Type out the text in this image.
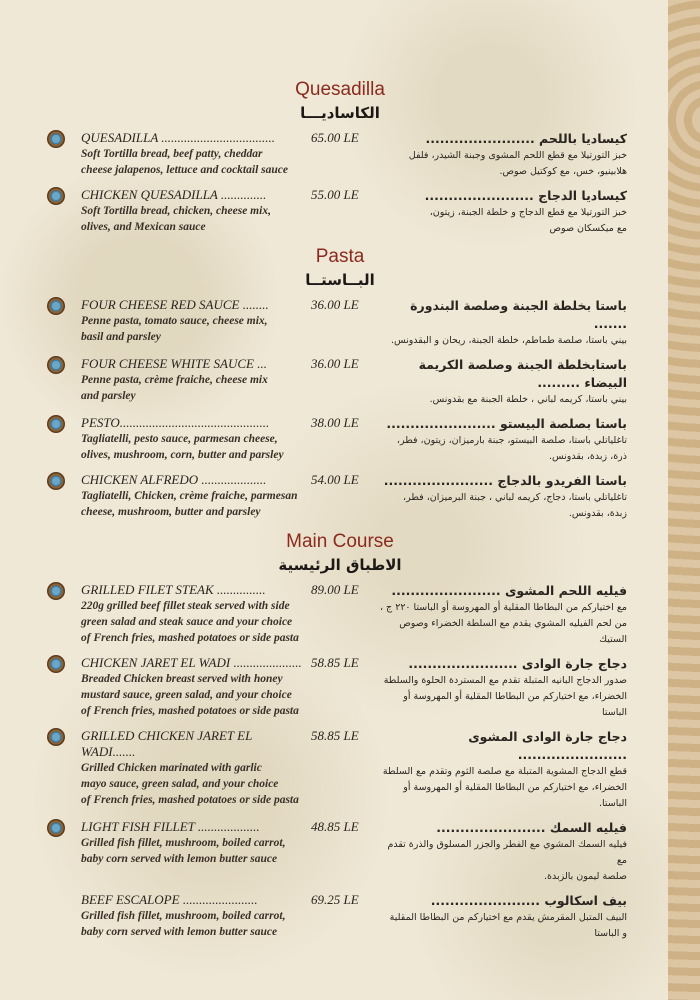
Quesadilla
الكاساديـــا
QUESADILLA ...................................
Soft Tortilla bread, beef patty, cheddar
cheese jalapenos, lettuce and cocktail sauce
65.00 LE	كيساديا باللحم .......................
خبز التورتيلا مع قطع اللحم المشوى وجبنة الشيدر، فلفل
هلابينيو، خس، مع كوكتيل صوص.
CHICKEN QUESADILLA ..............
Soft Tortilla bread, chicken, cheese mix,
olives, and Mexican sauce
55.00 LE	كيساديا الدجاج .......................
خبز التورتيلا مع قطع الدجاج و خلطة الجبنة، زيتون،
مع ميكسكان صوص
Pasta
البــاستــا
FOUR CHEESE RED SAUCE ........
Penne pasta, tomato sauce, cheese mix,
basil and parsley
36.00 LE	باستا بخلطة الجبنة وصلصة البندورة .......
بيني باستا، صلصة طماطم، خلطة الجبنة، ريحان و البقدونس.
FOUR CHEESE WHITE SAUCE ...
Penne pasta, crème fraiche, cheese mix
and parsley
36.00 LE	باستابخلطة الجبنة وصلصة الكريمة البيضاء .........
بيني باستا، كريمه لباني ، خلطة الجبنة مع بقدونس.
PESTO..............................................
Tagliatelli, pesto sauce, parmesan cheese,
olives, mushroom, corn, butter and parsley
38.00 LE	باستا بصلصة البيستو .......................
تاغلياتلي باستا، صلصة البيستو، جبنة بارميزان، زيتون، فطر،
ذرة، زبدة، بقدونس.
CHICKEN ALFREDO ....................
Tagliatelli, Chicken, crème fraiche, parmesan
cheese, mushroom, butter and parsley
54.00 LE	باستا الفريدو بالدجاج .......................
تاغلياتلي باستا، دجاج، كريمه لباني ، جبنة البرميزان، فطر،
زبدة، بقدونس.
Main Course
الاطباق الرئيسية
GRILLED FILET STEAK ...............
220g grilled beef fillet steak served with side
green salad and steak sauce and your choice
of French fries, mashed potatoes or side pasta
89.00 LE	فيليه اللحم المشوى .......................
مع اختياركم من البطاطا المقلية أو المهروسة أو الباستا ٢٢٠ ج ،
من لحم الفيليه المشوي يقدم مع السلطة الخضراء وصوص الستيك
CHICKEN JARET EL WADI .....................
Breaded Chicken breast served with honey
mustard sauce, green salad, and your choice
of French fries, mashed potatoes or side pasta
58.85 LE	دجاج جارة الوادى .......................
صدور الدجاج البانيه المتبلة تقدم مع المستردة الحلوة والسلطة
الخضراء، مع اختياركم من البطاطا المقلية أو المهروسة أو الباستا
GRILLED CHICKEN JARET EL WADI.......
Grilled Chicken marinated with garlic
mayo sauce, green salad, and your choice
of French fries, mashed potatoes or side pasta
58.85 LE	دجاج جارة الوادى المشوى .......................
قطع الدجاج المشوية المتبلة مع صلصة الثوم وتقدم مع السلطة
الخضراء، مع اختياركم من البطاطا المقلية أو المهروسة أو الباستا.
LIGHT FISH FILLET ...................
Grilled fish fillet, mushroom, boiled carrot,
baby corn served with lemon butter sauce
48.85 LE	فيليه السمك .......................
فيليه السمك المشوي مع الفطر والجزر المسلوق والذرة تقدم مع
صلصة ليمون بالزبدة.
BEEF ESCALOPE .......................
Grilled fish fillet, mushroom, boiled carrot,
baby corn served with lemon butter sauce
69.25 LE	بيف اسكالوب .......................
البيف المتبل المقرمش يقدم مع اختياركم من البطاطا المقلية
و الباستا
